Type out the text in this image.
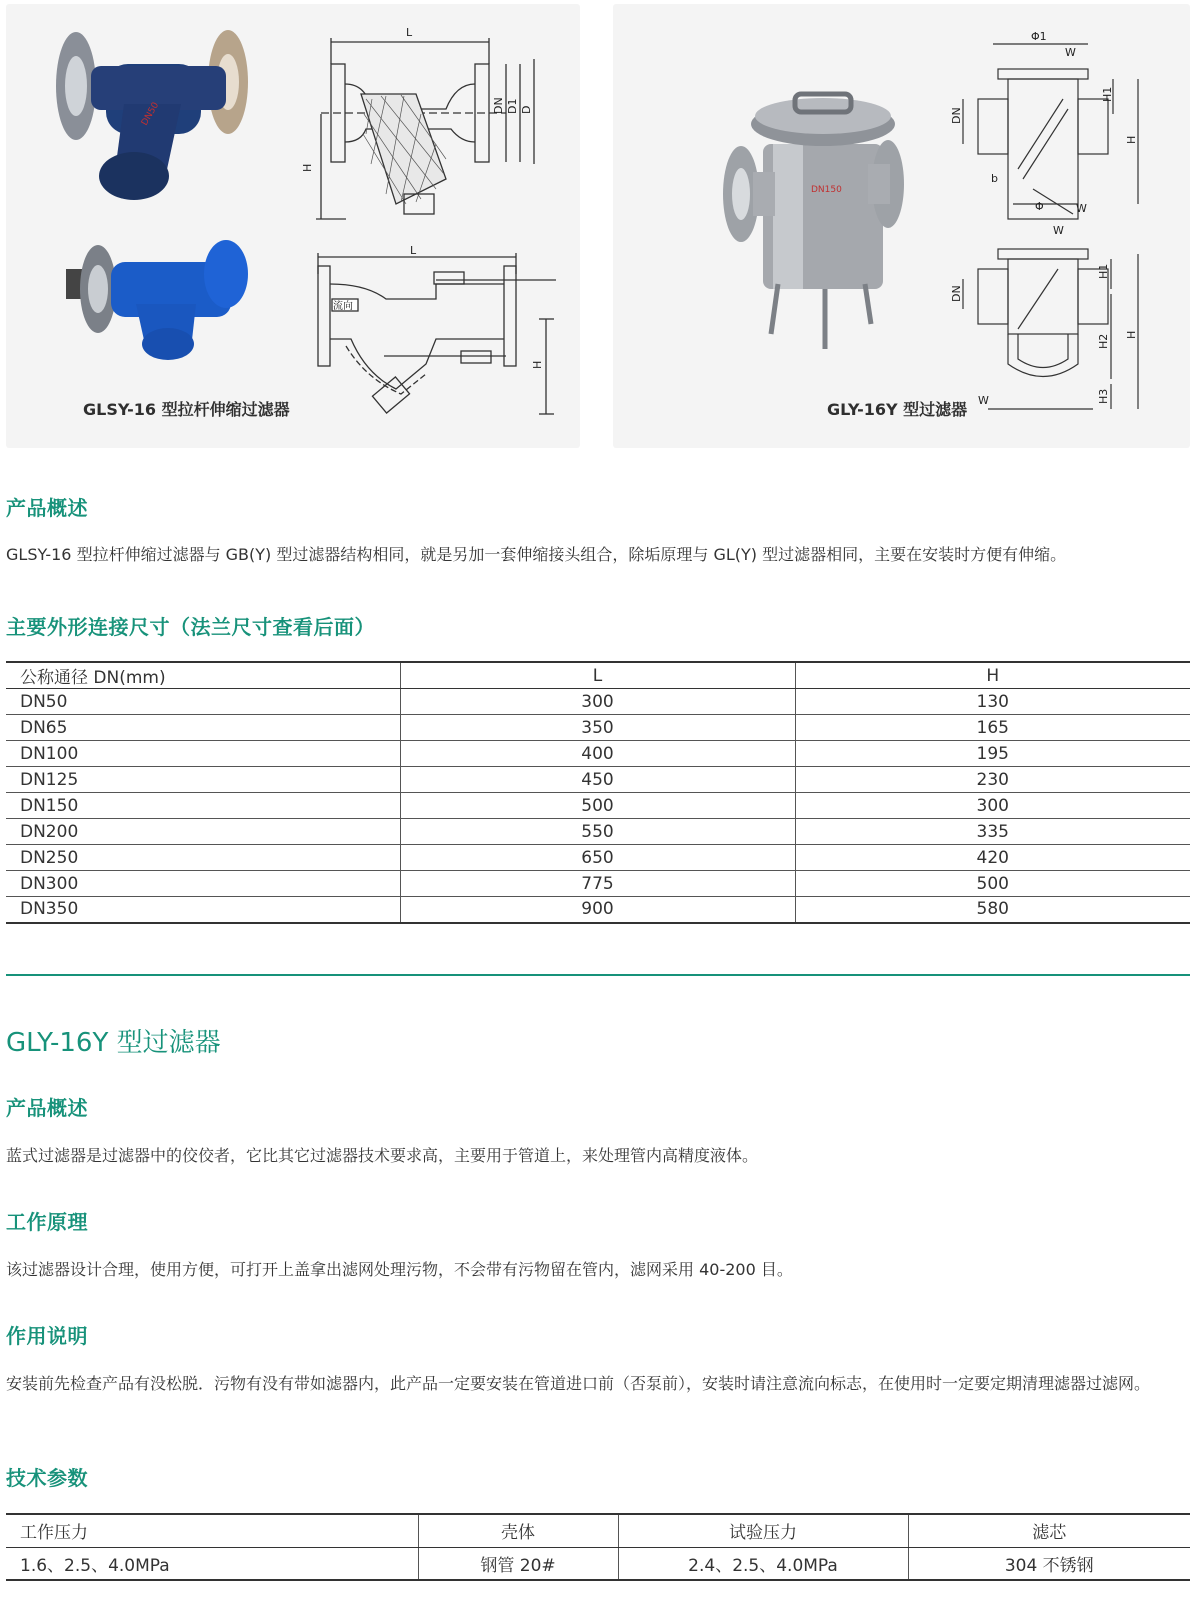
DN50
L
DN D1 D
H
L
流向
H
GLSY-16 型拉杆伸缩过滤器
DN150
Φ1
W
DN
H1
H
b
Φ	W
W
DN
H1
H2 H
H3
W
GLY-16Y 型过滤器
产品概述
GLSY-16 型拉杆伸缩过滤器与 GB(Y) 型过滤器结构相同，就是另加一套伸缩接头组合，除垢原理与 GL(Y) 型过滤器相同，主要在安装时方便有伸缩。
主要外形连接尺寸（法兰尺寸查看后面）
公称通径 DN(mm)	L	H
DN50	300	130
DN65	350	165
DN100	400	195
DN125	450	230
DN150	500	300
DN200	550	335
DN250	650	420
DN300	775	500
DN350	900	580
GLY-16Y 型过滤器
产品概述
蓝式过滤器是过滤器中的佼佼者，它比其它过滤器技术要求高，主要用于管道上，来处理管内高精度液体。
工作原理
该过滤器设计合理，使用方便，可打开上盖拿出滤网处理污物，不会带有污物留在管内，滤网采用 40-200 目。
作用说明
安装前先检查产品有没松脱．污物有没有带如滤器内，此产品一定要安装在管道进口前（否泵前），安装时请注意流向标志，在使用时一定要定期清理滤器过滤网。
技术参数
工作压力	壳体	试验压力	滤芯
1.6、2.5、4.0MPa	钢管 20#	2.4、2.5、4.0MPa	304 不锈钢
